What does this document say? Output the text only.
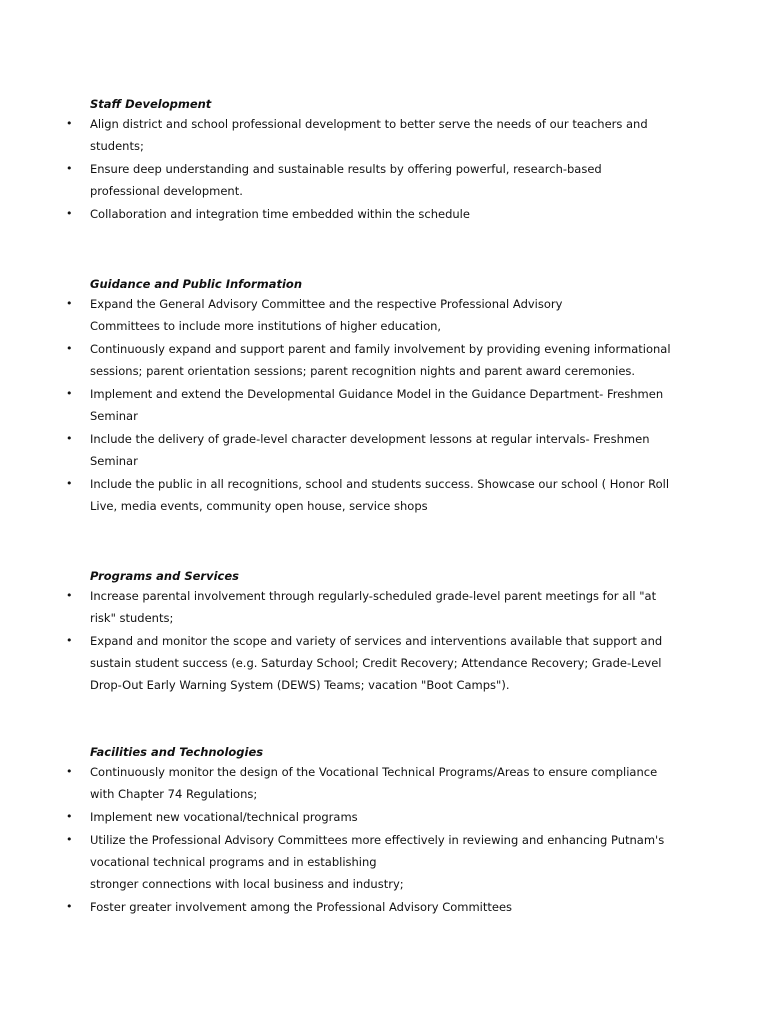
Staff Development
• Align district and school professional development to better serve the needs of our teachers and
students;
• Ensure deep understanding and sustainable results by offering powerful, research-based
professional development.
• Collaboration and integration time embedded within the schedule
Guidance and Public Information
• Expand the General Advisory Committee and the respective Professional Advisory
Committees to include more institutions of higher education,
• Continuously expand and support parent and family involvement by providing evening informational
sessions; parent orientation sessions; parent recognition nights and parent award ceremonies.
• Implement and extend the Developmental Guidance Model in the Guidance Department- Freshmen
Seminar
• Include the delivery of grade-level character development lessons at regular intervals- Freshmen
Seminar
• Include the public in all recognitions, school and students success. Showcase our school ( Honor Roll
Live, media events, community open house, service shops
Programs and Services
• Increase parental involvement through regularly-scheduled grade-level parent meetings for all "at
risk" students;
• Expand and monitor the scope and variety of services and interventions available that support and
sustain student success (e.g. Saturday School; Credit Recovery; Attendance Recovery; Grade-Level
Drop-Out Early Warning System (DEWS) Teams; vacation "Boot Camps").
Facilities and Technologies
• Continuously monitor the design of the Vocational Technical Programs/Areas to ensure compliance
with Chapter 74 Regulations;
• Implement new vocational/technical programs
• Utilize the Professional Advisory Committees more effectively in reviewing and enhancing Putnam's
vocational technical programs and in establishing
stronger connections with local business and industry;
• Foster greater involvement among the Professional Advisory Committees
